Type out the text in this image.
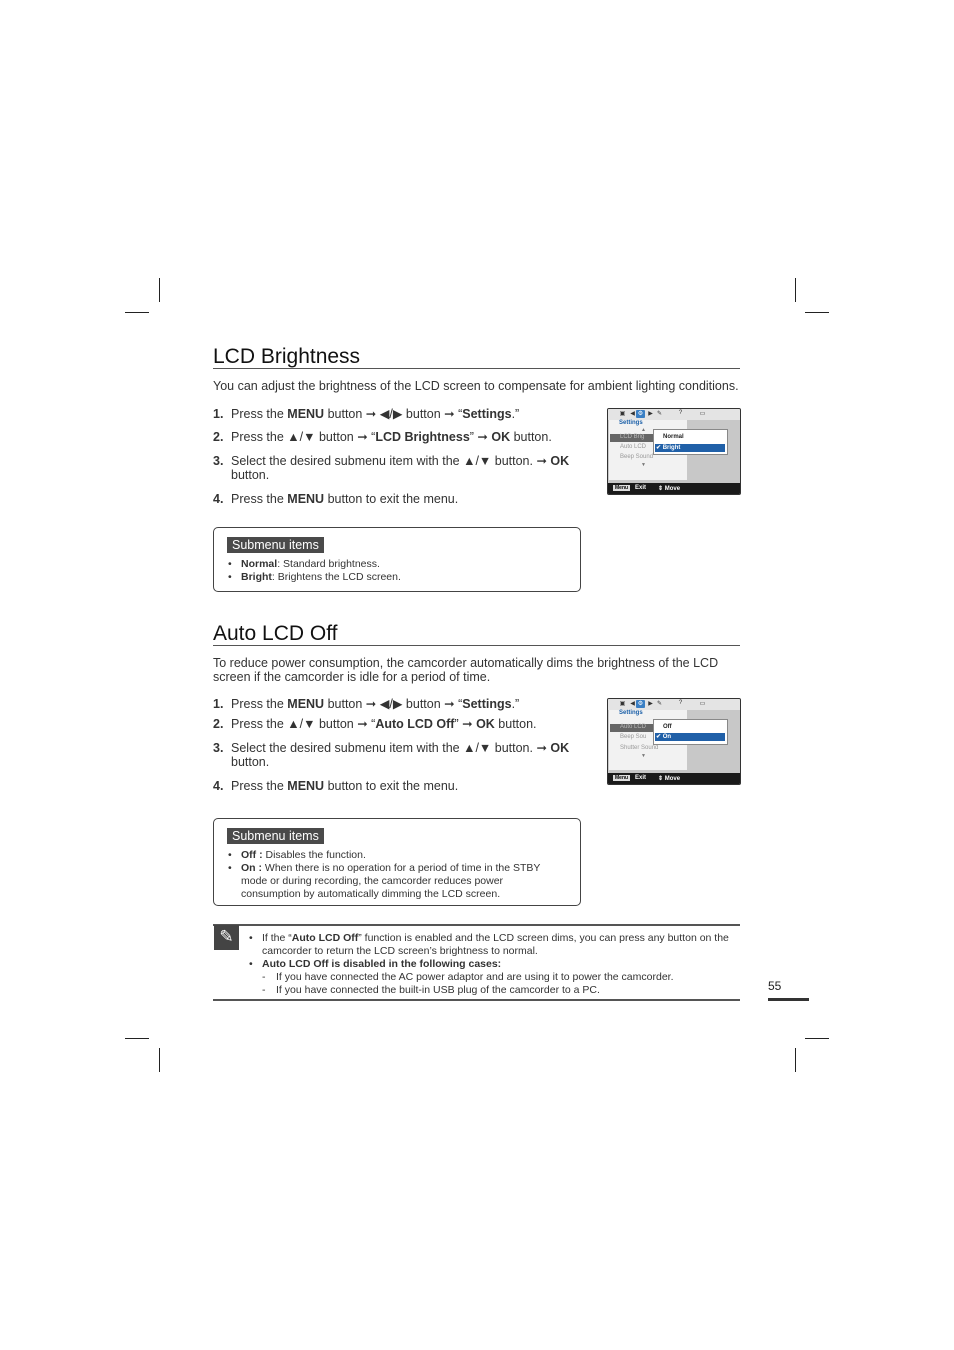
LCD Brightness
You can adjust the brightness of the LCD screen to compensate for ambient lighting conditions.
1. Press the MENU button ➞ ◀/▶ button ➞ “Settings.”
2. Press the ▲/▼ button ➞ “LCD Brightness” ➞ OK button.
3. Select the desired submenu item with the ▲/▼ button. ➞ OK button.
4. Press the MENU button to exit the menu.
▣ ◀ ⚙ ▶ ✎	?	▭
Settings
▲
LCD Brig
Auto LCD
Beep Sound
▼
Normal
✔ Bright
Menu	Exit ⇕ Move
Submenu items
• Normal: Standard brightness.
• Bright: Brightens the LCD screen.
Auto LCD Off
To reduce power consumption, the camcorder automatically dims the brightness of the LCD screen if the camcorder is idle for a period of time.
1. Press the MENU button ➞ ◀/▶ button ➞ “Settings.”
2. Press the ▲/▼ button ➞ “Auto LCD Off” ➞ OK button.
3. Select the desired submenu item with the ▲/▼ button. ➞ OK button.
4. Press the MENU button to exit the menu.
▣ ◀ ⚙ ▶ ✎	?	▭
Settings
Auto LCD
Beep Sou
Shutter Sound
▼
Off
✔ On
Menu	Exit ⇕ Move
Submenu items
• Off : Disables the function.
• On : When there is no operation for a period of time in the STBY mode or during recording, the camcorder reduces power consumption by automatically dimming the LCD screen.
✎
•	If the “Auto LCD Off” function is enabled and the LCD screen dims, you can press any button on the camcorder to return the LCD screen’s brightness to normal.
• Auto LCD Off is disabled in the following cases:
- If you have connected the AC power adaptor and are using it to power the camcorder.
- If you have connected the built-in USB plug of the camcorder to a PC.	55
